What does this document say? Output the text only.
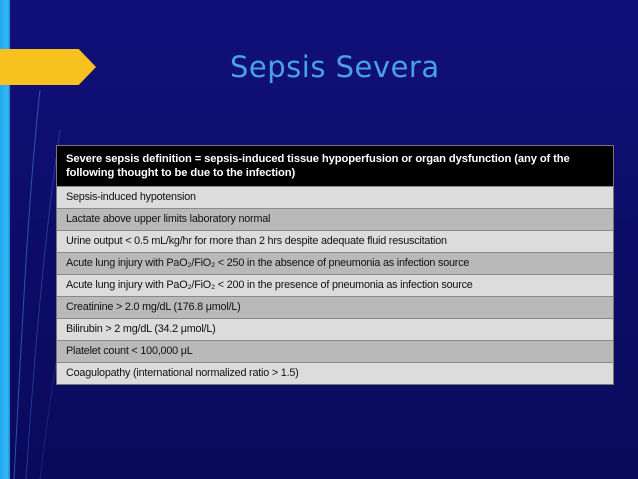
Sepsis Severa
Severe sepsis definition = sepsis-induced tissue hypoperfusion or organ dysfunction (any of the following thought to be due to the infection)
Sepsis-induced hypotension
Lactate above upper limits laboratory normal
Urine output < 0.5 mL/kg/hr for more than 2 hrs despite adequate fluid resuscitation
Acute lung injury with PaO₂/FiO₂ < 250 in the absence of pneumonia as infection source
Acute lung injury with PaO₂/FiO₂ < 200 in the presence of pneumonia as infection source
Creatinine > 2.0 mg/dL (176.8 μmol/L)
Bilirubin > 2 mg/dL (34.2 μmol/L)
Platelet count < 100,000 μL
Coagulopathy (international normalized ratio > 1.5)
